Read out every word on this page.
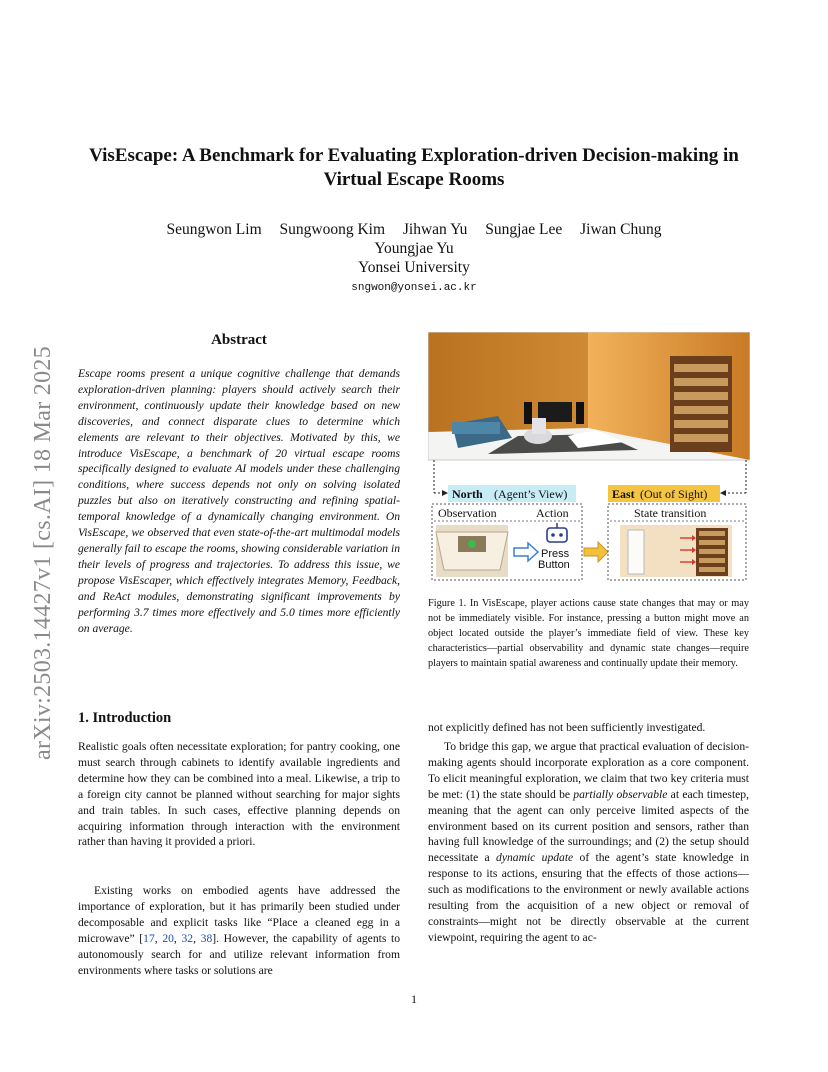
arXiv:2503.14427v1 [cs.AI] 18 Mar 2025
VisEscape: A Benchmark for Evaluating Exploration-driven Decision-making in Virtual Escape Rooms
Seungwon Lim Sungwoong Kim Jihwan Yu Sungjae Lee Jiwan Chung
Youngjae Yu
Yonsei University
sngwon@yonsei.ac.kr
Abstract
Escape rooms present a unique cognitive challenge that demands exploration-driven planning: players should actively search their environment, continuously update their knowledge based on new discoveries, and connect disparate clues to determine which elements are relevant to their objectives. Motivated by this, we introduce VisEscape, a benchmark of 20 virtual escape rooms specifically designed to evaluate AI models under these challenging conditions, where success depends not only on solving isolated puzzles but also on iteratively constructing and refining spatial-temporal knowledge of a dynamically changing environment. On VisEscape, we observed that even state-of-the-art multimodal models generally fail to escape the rooms, showing considerable variation in their levels of progress and trajectories. To address this issue, we propose VisEscaper, which effectively integrates Memory, Feedback, and ReAct modules, demonstrating significant improvements by performing 3.7 times more effectively and 5.0 times more efficiently on average.
1. Introduction
Realistic goals often necessitate exploration; for pantry cooking, one must search through cabinets to identify available ingredients and determine how they can be combined into a meal. Likewise, a trip to a foreign city cannot be planned without searching for major sights and train tables. In such cases, effective planning depends on acquiring information through interaction with the environment rather than having it provided a priori.
Existing works on embodied agents have addressed the importance of exploration, but it has primarily been studied under decomposable and explicit tasks like “Place a cleaned egg in a microwave” [17, 20, 32, 38]. However, the capability of agents to autonomously search for and utilize relevant information from environments where tasks or solutions are
not explicitly defined has not been sufficiently investigated.
To bridge this gap, we argue that practical evaluation of decision-making agents should incorporate exploration as a core component. To elicit meaningful exploration, we claim that two key criteria must be met: (1) the state should be partially observable at each timestep, meaning that the agent can only perceive limited aspects of the environment based on its current position and sensors, rather than having full knowledge of the surroundings; and (2) the setup should necessitate a dynamic update of the agent’s state knowledge in response to its actions, ensuring that the effects of those actions—such as modifications to the environment or newly available actions resulting from the acquisition of a new object or removal of constraints—might not be directly observable at the current viewpoint, requiring the agent to ac-
North (Agent’s View)	East (Out of Sight)
Observation	Action
Press
Button
State transition
Figure 1. In VisEscape, player actions cause state changes that may or may not be immediately visible. For instance, pressing a button might move an object located outside the player’s immediate field of view. These key characteristics—partial observability and dynamic state changes—require players to maintain spatial awareness and continually update their memory.
1
